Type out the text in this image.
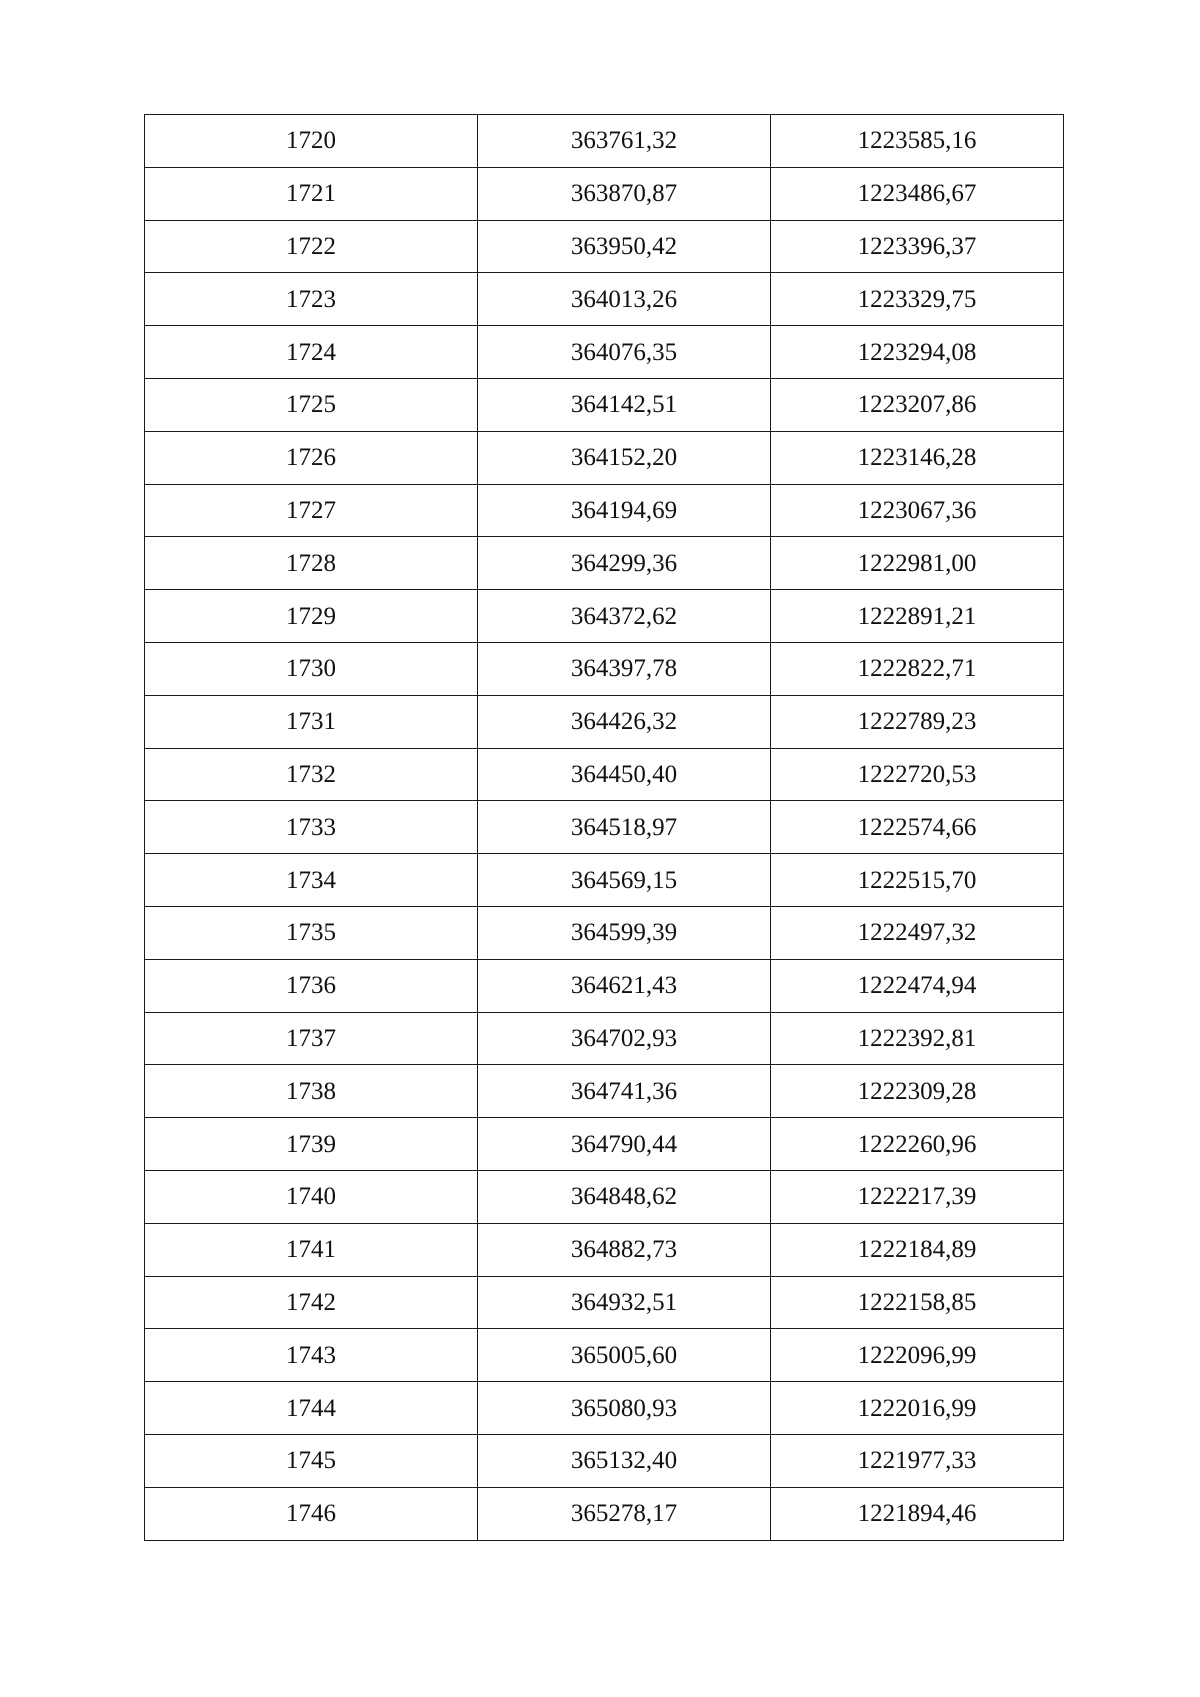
1720	363761,32	1223585,16
1721	363870,87	1223486,67
1722	363950,42	1223396,37
1723	364013,26	1223329,75
1724	364076,35	1223294,08
1725	364142,51	1223207,86
1726	364152,20	1223146,28
1727	364194,69	1223067,36
1728	364299,36	1222981,00
1729	364372,62	1222891,21
1730	364397,78	1222822,71
1731	364426,32	1222789,23
1732	364450,40	1222720,53
1733	364518,97	1222574,66
1734	364569,15	1222515,70
1735	364599,39	1222497,32
1736	364621,43	1222474,94
1737	364702,93	1222392,81
1738	364741,36	1222309,28
1739	364790,44	1222260,96
1740	364848,62	1222217,39
1741	364882,73	1222184,89
1742	364932,51	1222158,85
1743	365005,60	1222096,99
1744	365080,93	1222016,99
1745	365132,40	1221977,33
1746	365278,17	1221894,46
